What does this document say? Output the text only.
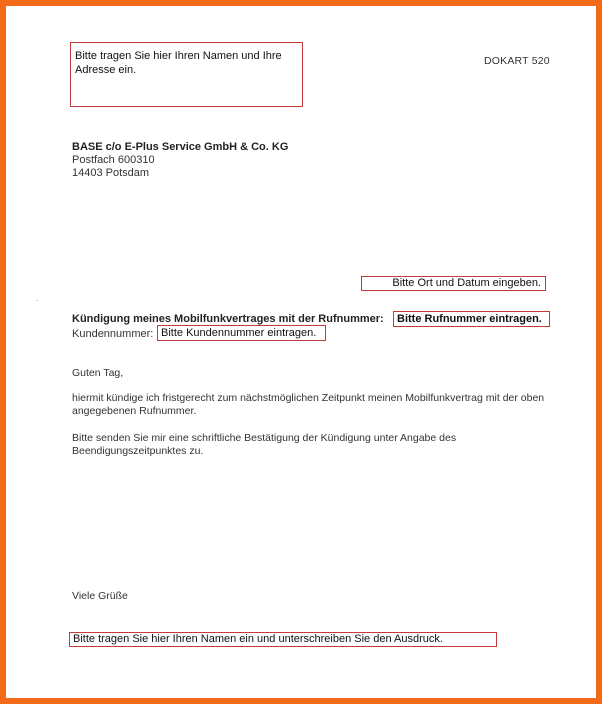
Bitte tragen Sie hier Ihren Namen und Ihre Adresse ein.
DOKART 520
BASE c/o E-Plus Service GmbH & Co. KG
Postfach 600310
14403 Potsdam
Bitte Ort und Datum eingeben.
Kündigung meines Mobilfunkvertrages mit der Rufnummer:	Bitte Rufnummer eintragen.
Kundennummer: Bitte Kundennummer eintragen.
Guten Tag,
hiermit kündige ich fristgerecht zum nächstmöglichen Zeitpunkt meinen Mobilfunkvertrag mit der oben angegebenen Rufnummer.
Bitte senden Sie mir eine schriftliche Bestätigung der Kündigung unter Angabe des Beendigungszeitpunktes zu.
Viele Grüße
Bitte tragen Sie hier Ihren Namen ein und unterschreiben Sie den Ausdruck.
